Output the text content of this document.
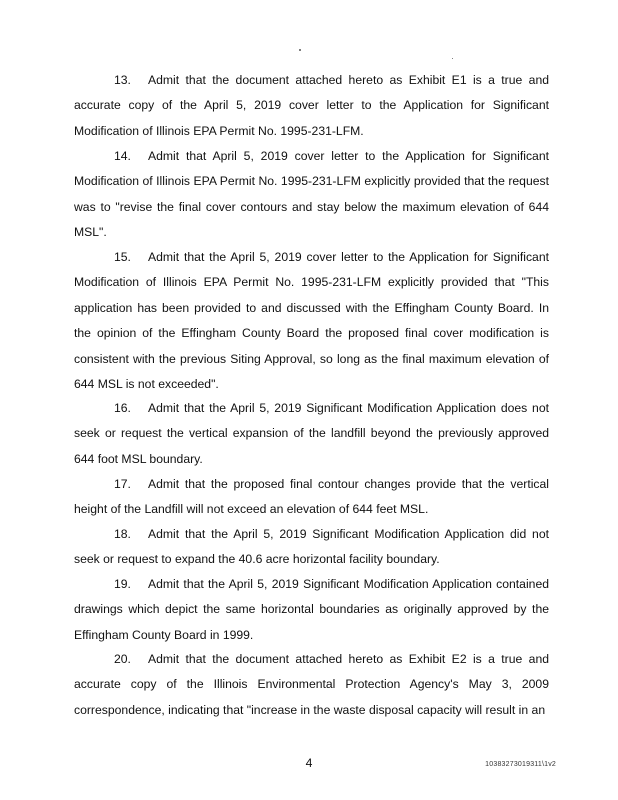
13. Admit that the document attached hereto as Exhibit E1 is a true and accurate copy of the April 5, 2019 cover letter to the Application for Significant Modification of Illinois EPA Permit No. 1995-231-LFM.

14. Admit that April 5, 2019 cover letter to the Application for Significant Modification of Illinois EPA Permit No. 1995-231-LFM explicitly provided that the request was to "revise the final cover contours and stay below the maximum elevation of 644 MSL".

15. Admit that the April 5, 2019 cover letter to the Application for Significant Modification of Illinois EPA Permit No. 1995-231-LFM explicitly provided that "This application has been provided to and discussed with the Effingham County Board. In the opinion of the Effingham County Board the proposed final cover modification is consistent with the previous Siting Approval, so long as the final maximum elevation of 644 MSL is not exceeded".

16. Admit that the April 5, 2019 Significant Modification Application does not seek or request the vertical expansion of the landfill beyond the previously approved 644 foot MSL boundary.

17. Admit that the proposed final contour changes provide that the vertical height of the Landfill will not exceed an elevation of 644 feet MSL.

18. Admit that the April 5, 2019 Significant Modification Application did not seek or request to expand the 40.6 acre horizontal facility boundary.

19. Admit that the April 5, 2019 Significant Modification Application contained drawings which depict the same horizontal boundaries as originally approved by the Effingham County Board in 1999.

20. Admit that the document attached hereto as Exhibit E2 is a true and accurate copy of the Illinois Environmental Protection Agency's May 3, 2009 correspondence, indicating that "increase in the waste disposal capacity will result in an

4	10383273019311\1v2
